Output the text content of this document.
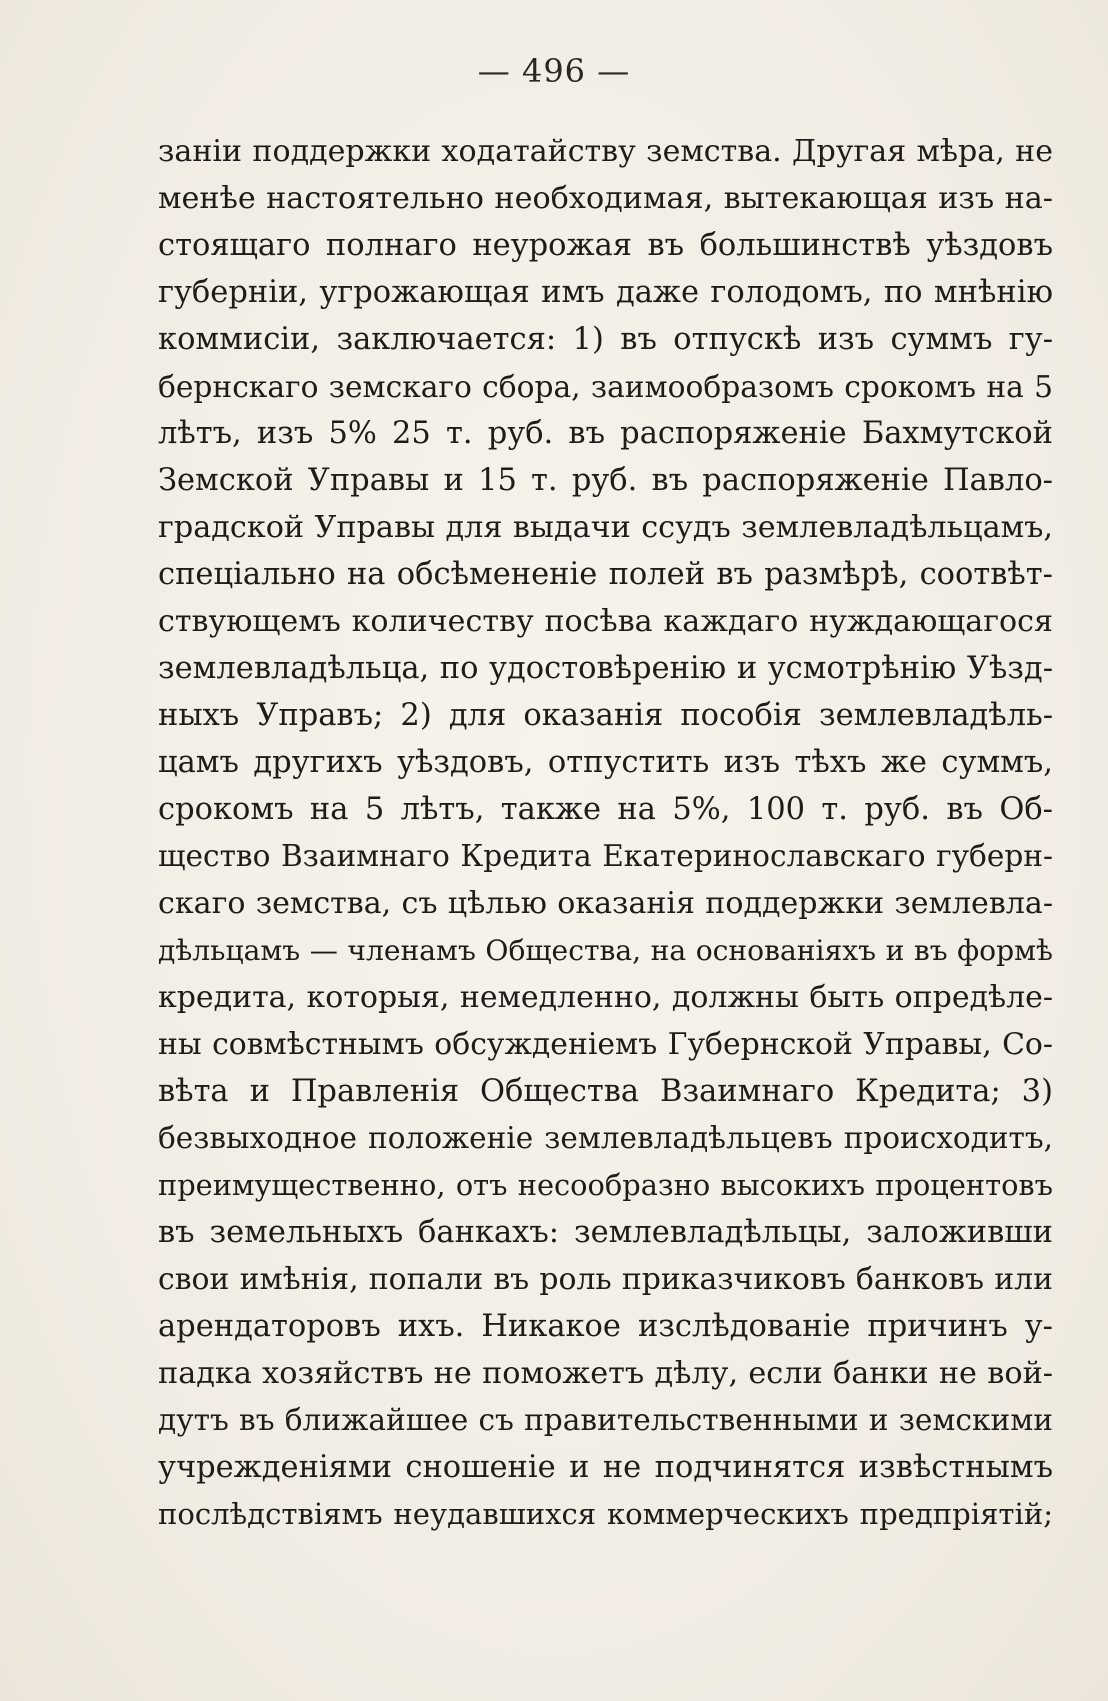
— 496 —
заніи поддержки ходатайству земства. Другая мѣра, не
менѣе настоятельно необходимая, вытекающая изъ на-
стоящаго полнаго неурожая въ большинствѣ уѣздовъ
губерніи, угрожающая имъ даже голодомъ, по мнѣнію
коммисіи, заключается: 1) въ отпускѣ изъ суммъ гу-
бернскаго земскаго сбора, заимообразомъ срокомъ на 5
лѣтъ, изъ 5% 25 т. руб. въ распоряженіе Бахмутской
Земской Управы и 15 т. руб. въ распоряженіе Павло-
градской Управы для выдачи ссудъ землевладѣльцамъ,
спеціально на обсѣмененіе полей въ размѣрѣ, соотвѣт-
ствующемъ количеству посѣва каждаго нуждающагося
землевладѣльца, по удостовѣренію и усмотрѣнію Уѣзд-
ныхъ Управъ; 2) для оказанія пособія землевладѣль-
цамъ другихъ уѣздовъ, отпустить изъ тѣхъ же суммъ,
срокомъ на 5 лѣтъ, также на 5%, 100 т. руб. въ Об-
щество Взаимнаго Кредита Екатеринославскаго губерн-
скаго земства, съ цѣлью оказанія поддержки землевла-
дѣльцамъ — членамъ Общества, на основаніяхъ и въ формѣ
кредита, которыя, немедленно, должны быть опредѣле-
ны совмѣстнымъ обсужденіемъ Губернской Управы, Со-
вѣта и Правленія Общества Взаимнаго Кредита; 3)
безвыходное положеніе землевладѣльцевъ происходитъ,
преимущественно, отъ несообразно высокихъ процентовъ
въ земельныхъ банкахъ: землевладѣльцы, заложивши
свои имѣнія, попали въ роль приказчиковъ банковъ или
арендаторовъ ихъ. Никакое изслѣдованіе причинъ у-
падка хозяйствъ не поможетъ дѣлу, если банки не вой-
дутъ въ ближайшее съ правительственными и земскими
учрежденіями сношеніе и не подчинятся извѣстнымъ
послѣдствіямъ неудавшихся коммерческихъ предпріятій;
